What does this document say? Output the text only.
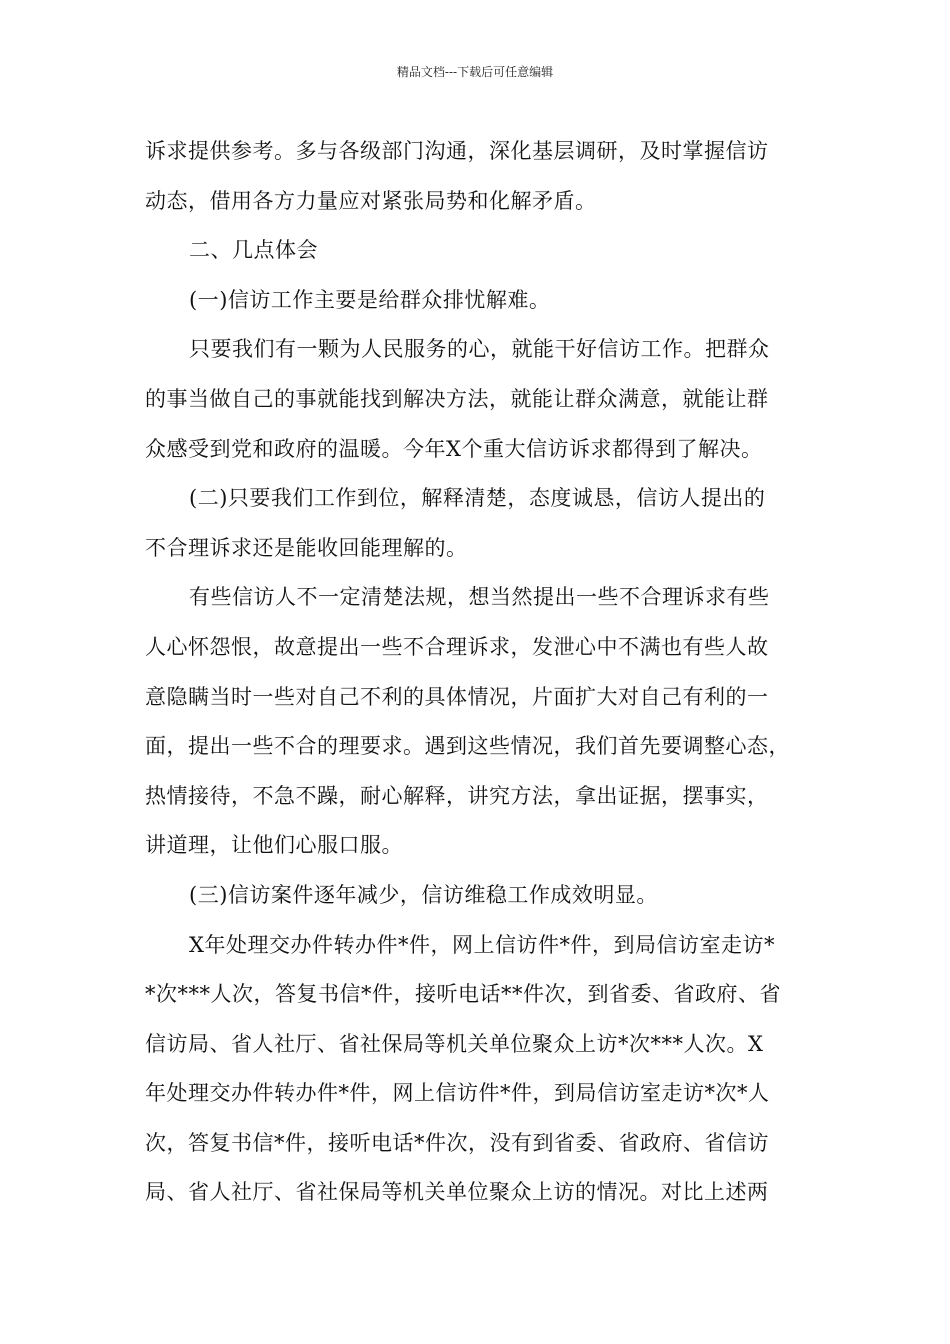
精品文档---下载后可任意编辑

诉求提供参考。多与各级部门沟通，深化基层调研，及时掌握信访

动态，借用各方力量应对紧张局势和化解矛盾。

二、几点体会

(一)信访工作主要是给群众排忧解难。

只要我们有一颗为人民服务的心，就能干好信访工作。把群众

的事当做自己的事就能找到解决方法，就能让群众满意，就能让群

众感受到党和政府的温暖。今年X个重大信访诉求都得到了解决。

(二)只要我们工作到位，解释清楚，态度诚恳，信访人提出的

不合理诉求还是能收回能理解的。

有些信访人不一定清楚法规，想当然提出一些不合理诉求有些

人心怀怨恨，故意提出一些不合理诉求，发泄心中不满也有些人故

意隐瞒当时一些对自己不利的具体情况，片面扩大对自己有利的一

面，提出一些不合的理要求。遇到这些情况，我们首先要调整心态，

热情接待，不急不躁，耐心解释，讲究方法，拿出证据，摆事实，

讲道理，让他们心服口服。

(三)信访案件逐年减少，信访维稳工作成效明显。

X年处理交办件转办件*件，网上信访件*件，到局信访室走访*

*次***人次，答复书信*件，接听电话**件次，到省委、省政府、省

信访局、省人社厅、省社保局等机关单位聚众上访*次***人次。X

年处理交办件转办件*件，网上信访件*件，到局信访室走访*次*人

次，答复书信*件，接听电话*件次，没有到省委、省政府、省信访

局、省人社厅、省社保局等机关单位聚众上访的情况。对比上述两
